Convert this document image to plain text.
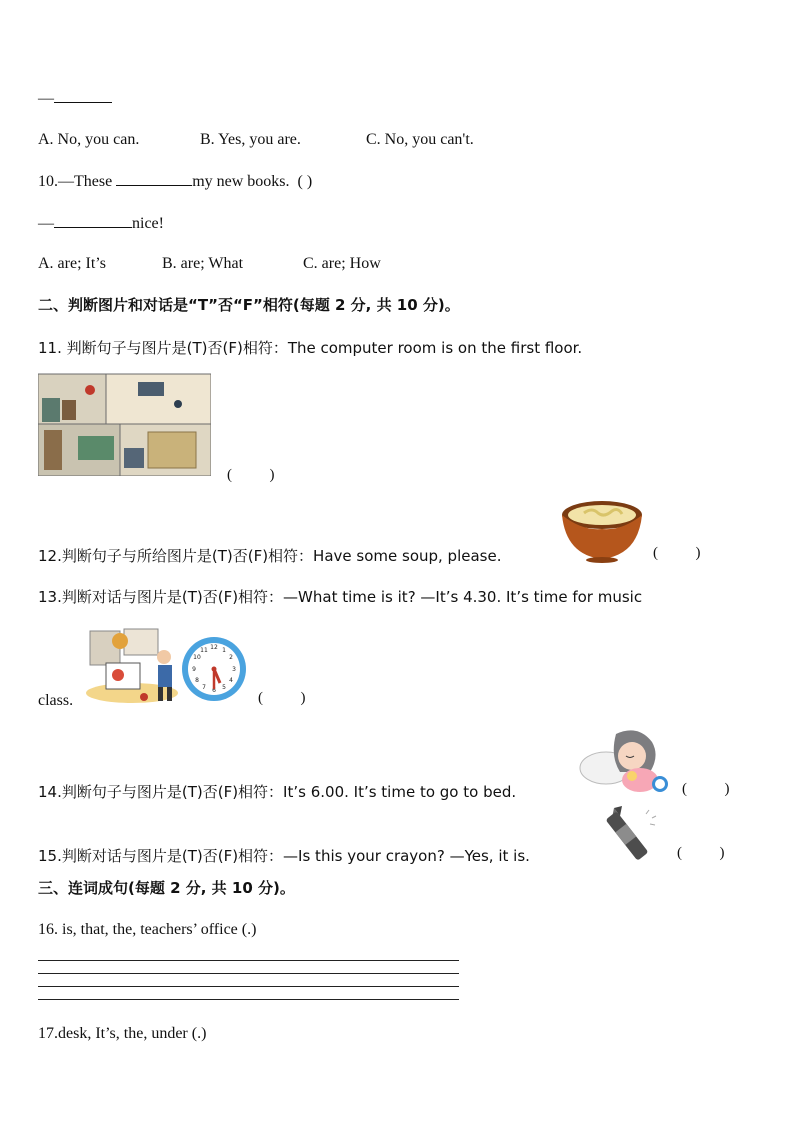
—
A. No, you can.	B. Yes, you are.	C. No, you can't.
10.—These	my new books. ( )
—	nice!
A. are; It’s	B. are; What	C. are; How
二、判断图片和对话是“T”否“F”相符(每题 2 分, 共 10 分)。
11. 判断句子与图片是(T)否(F)相符：The computer room is on the first floor.
(          )
12.判断句子与所给图片是(T)否(F)相符：Have some soup, please.	(          )
13.判断对话与图片是(T)否(F)相符：—What time is it? —It’s 4.30. It’s time for music
12 1
2
3
4
5
6
7
8
9
10
11
class.	(          )
14.判断句子与图片是(T)否(F)相符：It’s 6.00. It’s time to go to bed.	(          )
15.判断对话与图片是(T)否(F)相符：—Is this your crayon? —Yes, it is.	(          )
三、连词成句(每题 2 分, 共 10 分)。
16. is, that, the, teachers’ office (.)
17.desk, It’s, the, under (.)
